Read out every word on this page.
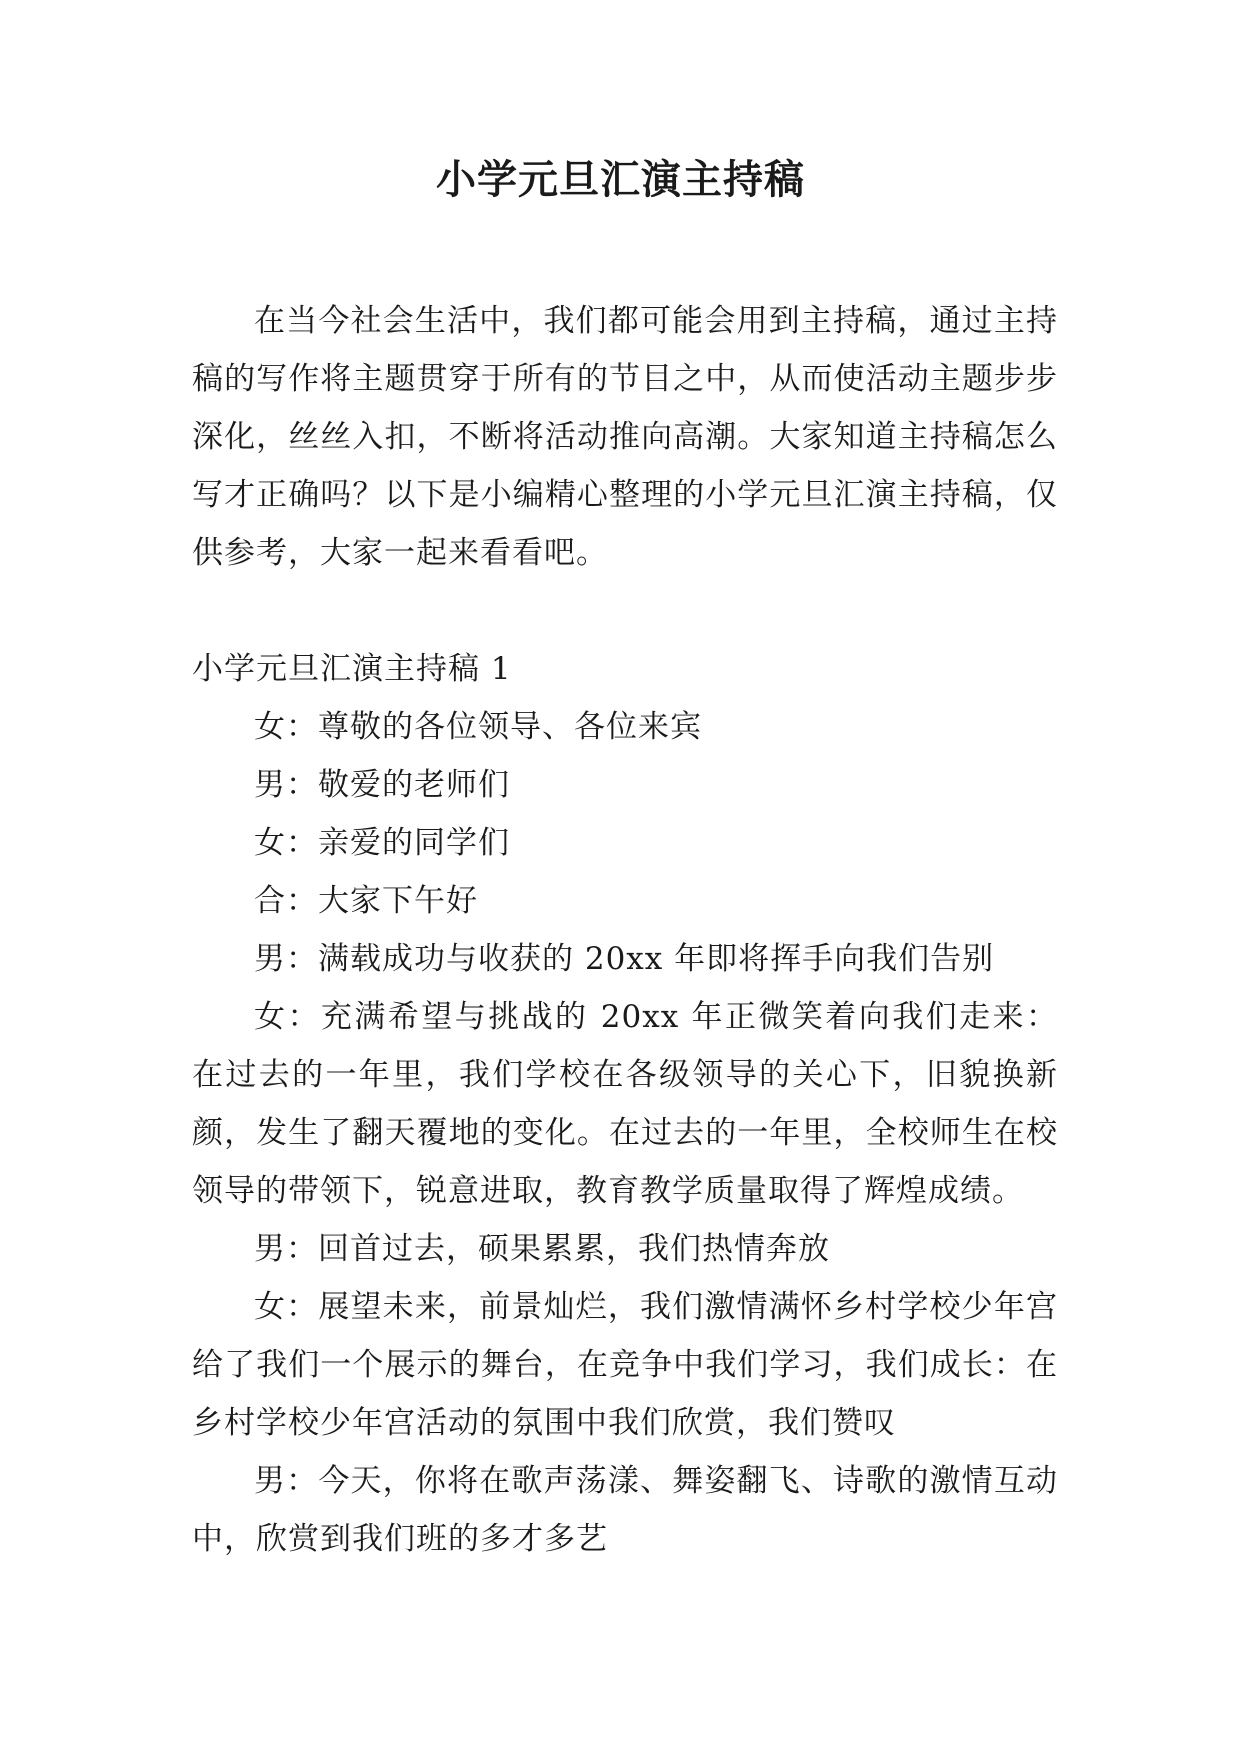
小学元旦汇演主持稿

在当今社会生活中，我们都可能会用到主持稿，通过主持稿的写作将主题贯穿于所有的节目之中，从而使活动主题步步深化，丝丝入扣，不断将活动推向高潮。大家知道主持稿怎么写才正确吗？以下是小编精心整理的小学元旦汇演主持稿，仅供参考，大家一起来看看吧。

小学元旦汇演主持稿 1

女：尊敬的各位领导、各位来宾

男：敬爱的老师们

女：亲爱的同学们

合：大家下午好

男：满载成功与收获的 20xx 年即将挥手向我们告别

女：充满希望与挑战的 20xx 年正微笑着向我们走来：在过去的一年里，我们学校在各级领导的关心下，旧貌换新颜，发生了翻天覆地的变化。在过去的一年里，全校师生在校领导的带领下，锐意进取，教育教学质量取得了辉煌成绩。

男：回首过去，硕果累累，我们热情奔放

女：展望未来，前景灿烂，我们激情满怀乡村学校少年宫给了我们一个展示的舞台，在竞争中我们学习，我们成长：在乡村学校少年宫活动的氛围中我们欣赏，我们赞叹

男：今天，你将在歌声荡漾、舞姿翻飞、诗歌的激情互动中，欣赏到我们班的多才多艺
